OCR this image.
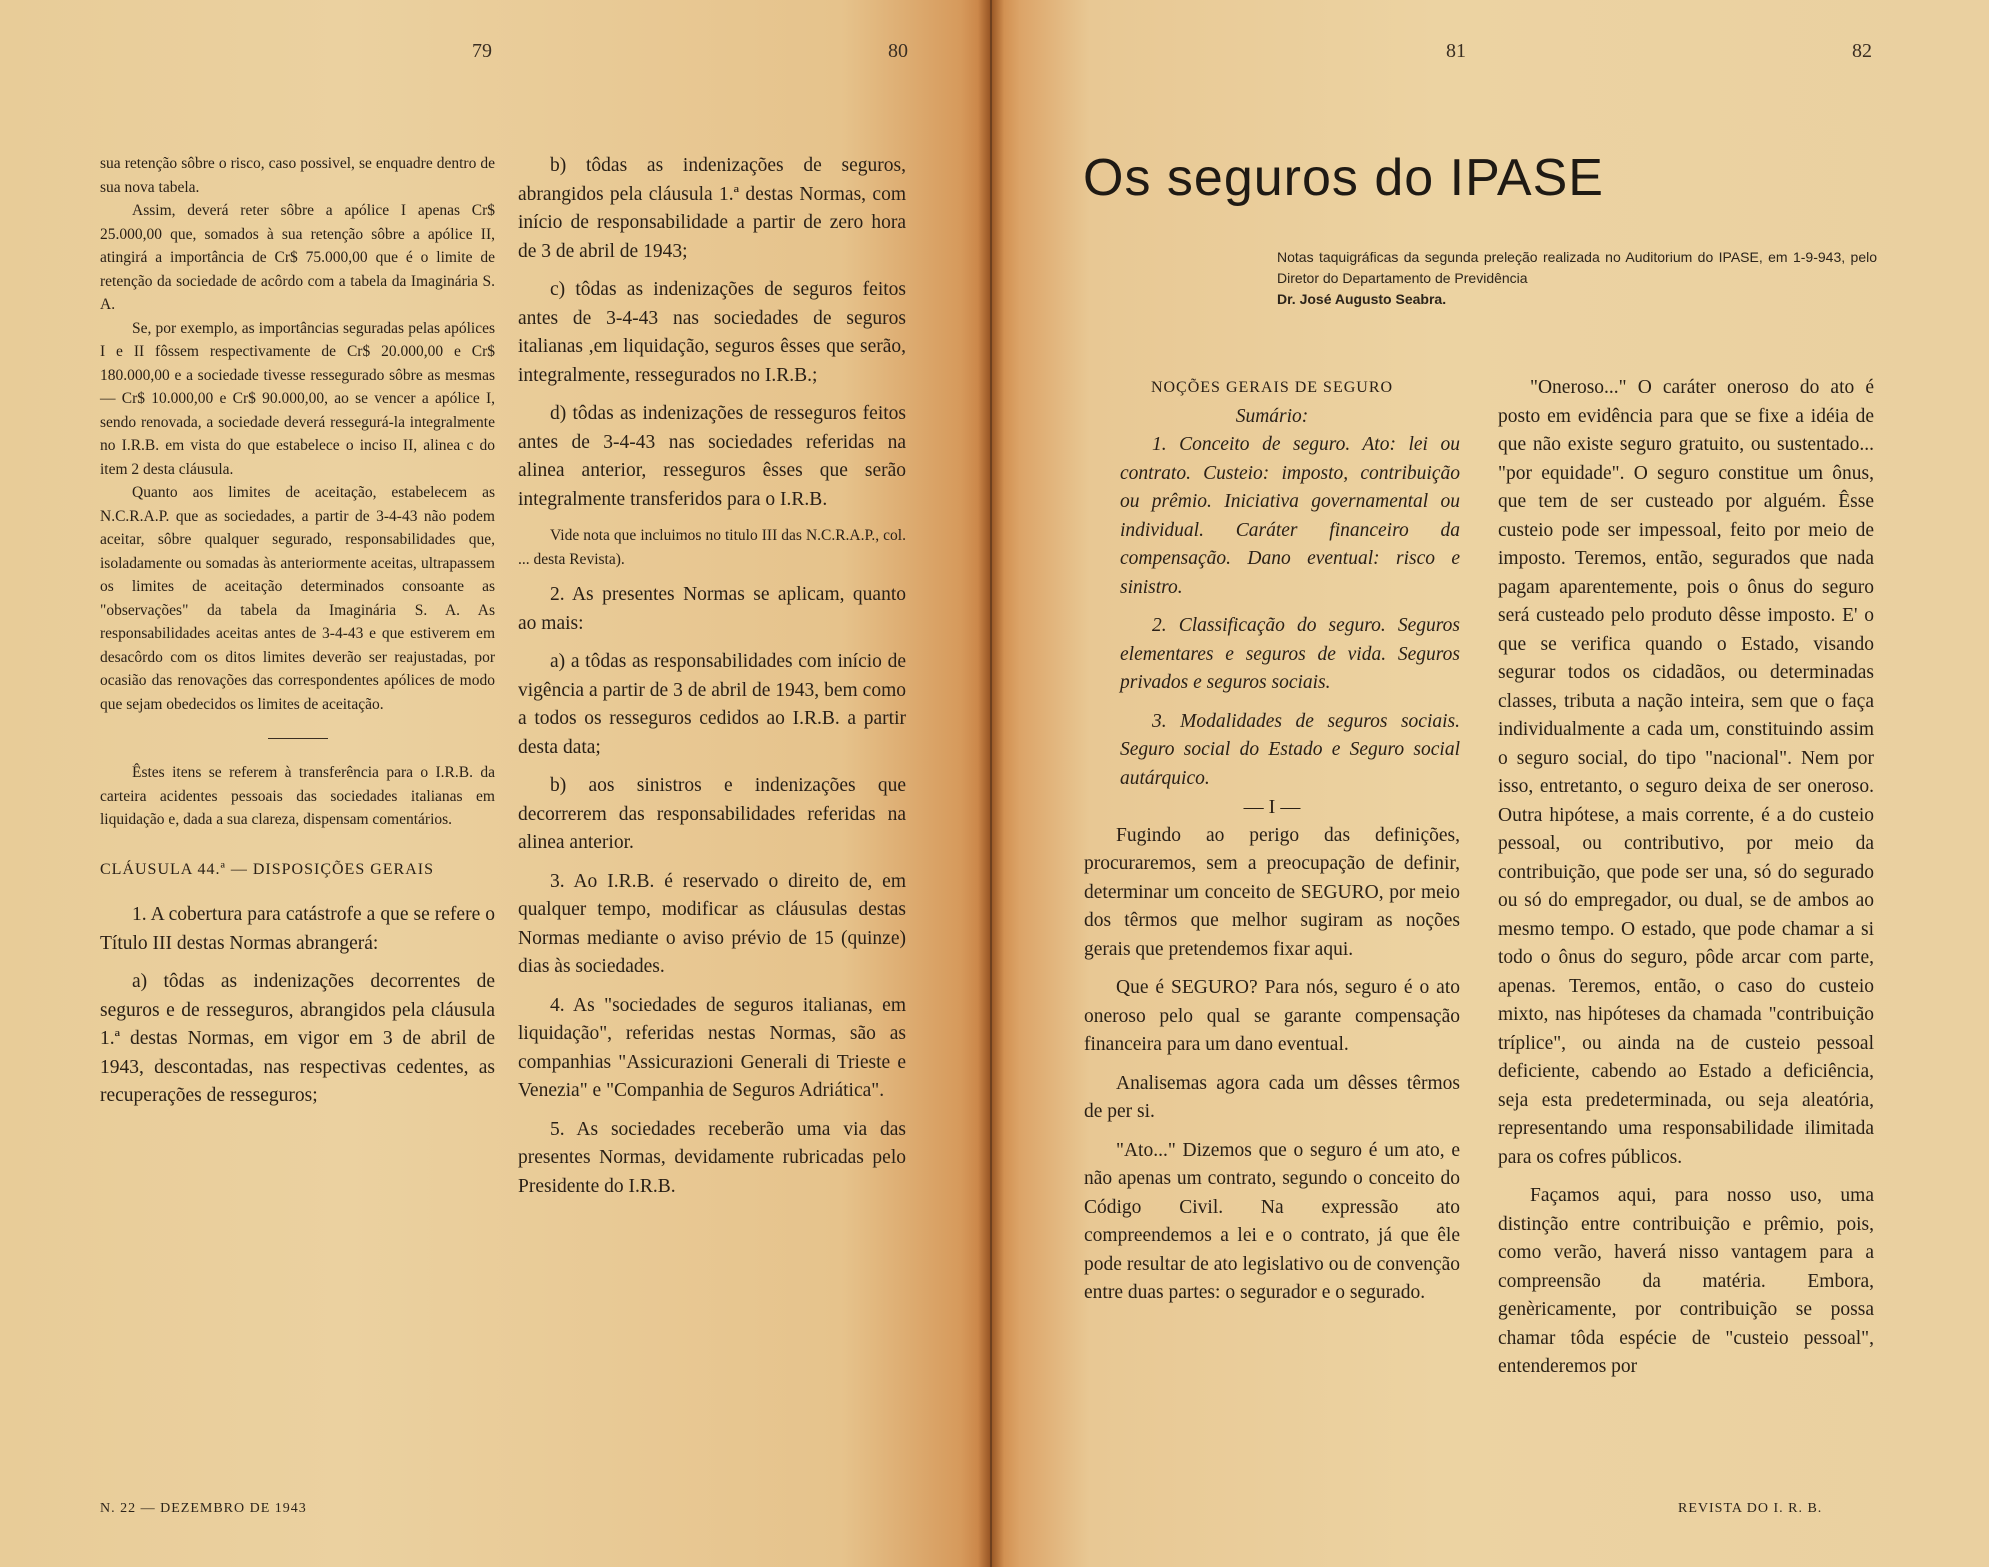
79	80

sua retenção sôbre o risco, caso possivel, se enquadre dentro de sua nova tabela.

Assim, deverá reter sôbre a apólice I apenas Cr$ 25.000,00 que, somados à sua retenção sôbre a apólice II, atingirá a importância de Cr$ 75.000,00 que é o limite de retenção da sociedade de acôrdo com a tabela da Imaginária S. A.

Se, por exemplo, as importâncias seguradas pelas apólices I e II fôssem respectivamente de Cr$ 20.000,00 e Cr$ 180.000,00 e a sociedade tivesse ressegurado sôbre as mesmas — Cr$ 10.000,00 e Cr$ 90.000,00, ao se vencer a apólice I, sendo renovada, a sociedade deverá ressegurá-la integralmente no I.R.B. em vista do que estabelece o inciso II, alinea c do item 2 desta cláusula.

Quanto aos limites de aceitação, estabelecem as N.C.R.A.P. que as sociedades, a partir de 3-4-43 não podem aceitar, sôbre qualquer segurado, responsabilidades que, isoladamente ou somadas às anteriormente aceitas, ultrapassem os limites de aceitação determinados consoante as "observações" da tabela da Imaginária S. A. As responsabilidades aceitas antes de 3-4-43 e que estiverem em desacôrdo com os ditos limites deverão ser reajustadas, por ocasião das renovações das correspondentes apólices de modo que sejam obedecidos os limites de aceitação.

Êstes itens se referem à transferência para o I.R.B. da carteira acidentes pessoais das sociedades italianas em liquidação e, dada a sua clareza, dispensam comentários.

CLÁUSULA 44.ª — DISPOSIÇÕES GERAIS

1. A cobertura para catástrofe a que se refere o Título III destas Normas abrangerá:

a) tôdas as indenizações decorrentes de seguros e de resseguros, abrangidos pela cláusula 1.ª destas Normas, em vigor em 3 de abril de 1943, descontadas, nas respectivas cedentes, as recuperações de resseguros;

b) tôdas as indenizações de seguros, abrangidos pela cláusula 1.ª destas Normas, com início de responsabilidade a partir de zero hora de 3 de abril de 1943;

c) tôdas as indenizações de seguros feitos antes de 3-4-43 nas sociedades de seguros italianas ,em liquidação, seguros êsses que serão, integralmente, ressegurados no I.R.B.;

d) tôdas as indenizações de resseguros feitos antes de 3-4-43 nas sociedades referidas na alinea anterior, resseguros êsses que serão integralmente transferidos para o I.R.B.

Vide nota que incluimos no titulo III das N.C.R.A.P., col. ... desta Revista).

2. As presentes Normas se aplicam, quanto ao mais:

a) a tôdas as responsabilidades com início de vigência a partir de 3 de abril de 1943, bem como a todos os resseguros cedidos ao I.R.B. a partir desta data;

b) aos sinistros e indenizações que decorrerem das responsabilidades referidas na alinea anterior.

3. Ao I.R.B. é reservado o direito de, em qualquer tempo, modificar as cláusulas destas Normas mediante o aviso prévio de 15 (quinze) dias às sociedades.

4. As "sociedades de seguros italianas, em liquidação", referidas nestas Normas, são as companhias "Assicurazioni Generali di Trieste e Venezia" e "Companhia de Seguros Adriática".

5. As sociedades receberão uma via das presentes Normas, devidamente rubricadas pelo Presidente do I.R.B.

N. 22 — DEZEMBRO DE 1943
81	82

NOÇÕES GERAIS DE SEGURO

Sumário:

1. Conceito de seguro. Ato: lei ou contrato. Custeio: imposto, contribuição ou prêmio. Iniciativa governamental ou individual. Caráter financeiro da compensação. Dano eventual: risco e sinistro.

2. Classificação do seguro. Seguros elementares e seguros de vida. Seguros privados e seguros sociais.

3. Modalidades de seguros sociais. Seguro social do Estado e Seguro social autárquico.

— I —

Fugindo ao perigo das definições, procuraremos, sem a preocupação de definir, determinar um conceito de SEGURO, por meio dos têrmos que melhor sugiram as noções gerais que pretendemos fixar aqui.

Que é SEGURO? Para nós, seguro é o ato oneroso pelo qual se garante compensação financeira para um dano eventual.

Analisemas agora cada um dêsses têrmos de per si.

"Ato..." Dizemos que o seguro é um ato, e não apenas um contrato, segundo o conceito do Código Civil. Na expressão ato compreendemos a lei e o contrato, já que êle pode resultar de ato legislativo ou de convenção entre duas partes: o segurador e o segurado.

"Oneroso..." O caráter oneroso do ato é posto em evidência para que se fixe a idéia de que não existe seguro gratuito, ou sustentado... "por equidade". O seguro constitue um ônus, que tem de ser custeado por alguém. Êsse custeio pode ser impessoal, feito por meio de imposto. Teremos, então, segurados que nada pagam aparentemente, pois o ônus do seguro será custeado pelo produto dêsse imposto. E' o que se verifica quando o Estado, visando segurar todos os cidadãos, ou determinadas classes, tributa a nação inteira, sem que o faça individualmente a cada um, constituindo assim o seguro social, do tipo "nacional". Nem por isso, entretanto, o seguro deixa de ser oneroso. Outra hipótese, a mais corrente, é a do custeio pessoal, ou contributivo, por meio da contribuição, que pode ser una, só do segurado ou só do empregador, ou dual, se de ambos ao mesmo tempo. O estado, que pode chamar a si todo o ônus do seguro, pôde arcar com parte, apenas. Teremos, então, o caso do custeio mixto, nas hipóteses da chamada "contribuição tríplice", ou ainda na de custeio pessoal deficiente, cabendo ao Estado a deficiência, seja esta predeterminada, ou seja aleatória, representando uma responsabilidade ilimitada para os cofres públicos.

Façamos aqui, para nosso uso, uma distinção entre contribuição e prêmio, pois, como verão, haverá nisso vantagem para a compreensão da matéria. Embora, genèricamente, por contribuição se possa chamar tôda espécie de "custeio pessoal", entenderemos por

REVISTA DO I. R. B.
Os seguros do IPASE
Notas taquigráficas da segunda preleção realizada no Auditorium do IPASE, em 1-9-943, pelo Diretor do Departamento de Previdência
Dr. José Augusto Seabra.
